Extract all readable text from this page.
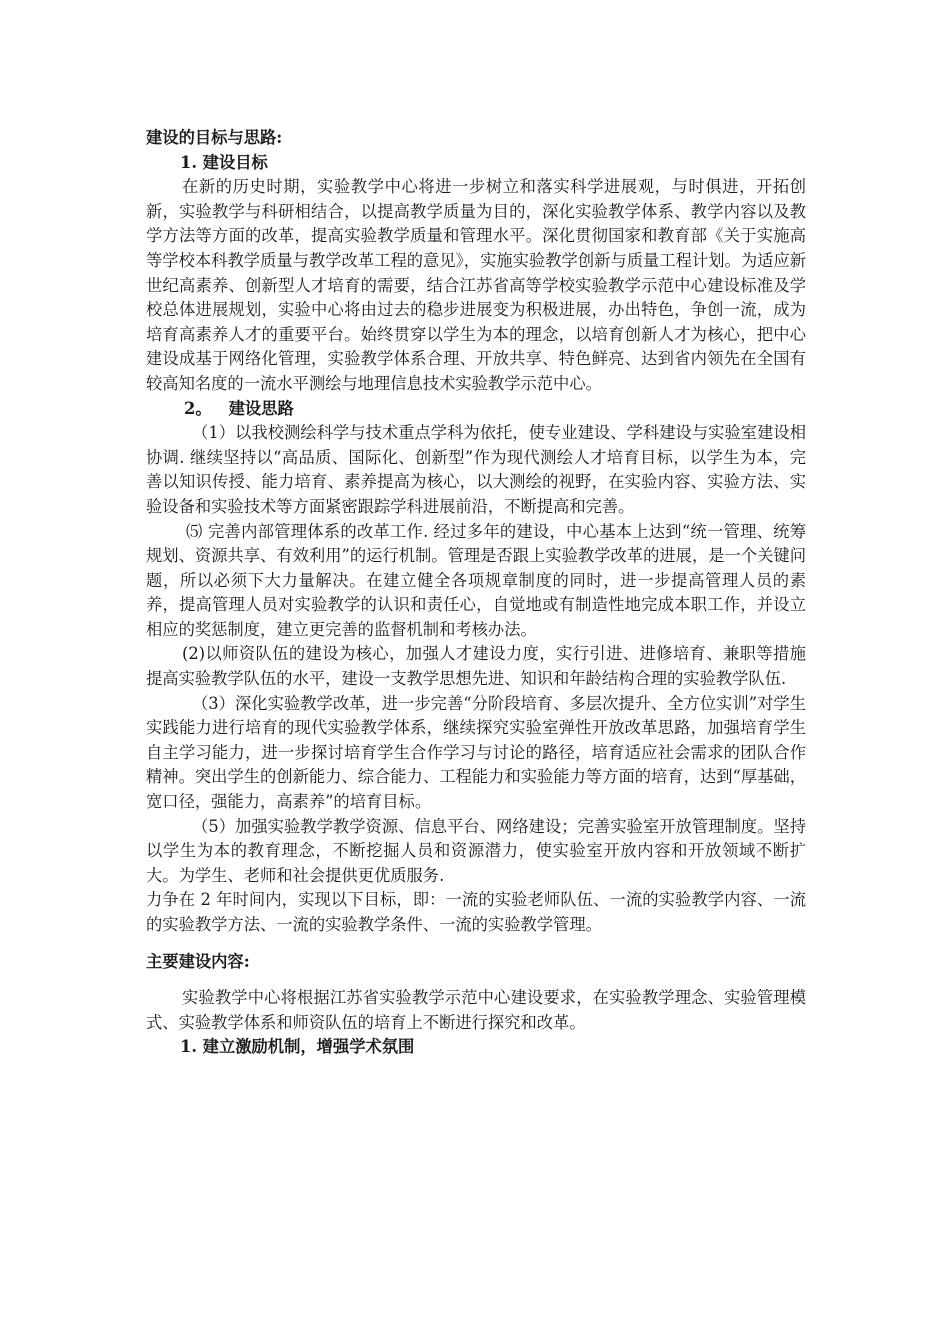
建设的目标与思路:

1. 建设目标

在新的历史时期，实验教学中心将进一步树立和落实科学进展观，与时俱进，开拓创新，实验教学与科研相结合，以提高教学质量为目的，深化实验教学体系、教学内容以及教学方法等方面的改革，提高实验教学质量和管理水平。深化贯彻国家和教育部《关于实施高等学校本科教学质量与教学改革工程的意见》，实施实验教学创新与质量工程计划。为适应新世纪高素养、创新型人才培育的需要，结合江苏省高等学校实验教学示范中心建设标准及学校总体进展规划，实验中心将由过去的稳步进展变为积极进展，办出特色，争创一流，成为培育高素养人才的重要平台。始终贯穿以学生为本的理念，以培育创新人才为核心，把中心建设成基于网络化管理，实验教学体系合理、开放共享、特色鲜亮、达到省内领先在全国有较高知名度的一流水平测绘与地理信息技术实验教学示范中心。

2。   建设思路

（1）以我校测绘科学与技术重点学科为依托，使专业建设、学科建设与实验室建设相协调. 继续坚持以“高品质、国际化、创新型”作为现代测绘人才培育目标，以学生为本，完善以知识传授、能力培育、素养提高为核心，以大测绘的视野，在实验内容、实验方法、实验设备和实验技术等方面紧密跟踪学科进展前沿，不断提高和完善。

⑸ 完善内部管理体系的改革工作. 经过多年的建设，中心基本上达到“统一管理、统筹规划、资源共享、有效利用”的运行机制。管理是否跟上实验教学改革的进展，是一个关键问题，所以必须下大力量解决。在建立健全各项规章制度的同时，进一步提高管理人员的素养，提高管理人员对实验教学的认识和责任心，自觉地或有制造性地完成本职工作，并设立相应的奖惩制度，建立更完善的监督机制和考核办法。

(2)以师资队伍的建设为核心，加强人才建设力度，实行引进、进修培育、兼职等措施提高实验教学队伍的水平，建设一支教学思想先进、知识和年龄结构合理的实验教学队伍.

（3）深化实验教学改革，进一步完善“分阶段培育、多层次提升、全方位实训”对学生实践能力进行培育的现代实验教学体系，继续探究实验室弹性开放改革思路，加强培育学生自主学习能力，进一步探讨培育学生合作学习与讨论的路径，培育适应社会需求的团队合作精神。突出学生的创新能力、综合能力、工程能力和实验能力等方面的培育，达到“厚基础，宽口径，强能力，高素养”的培育目标。

（5）加强实验教学教学资源、信息平台、网络建设；完善实验室开放管理制度。坚持以学生为本的教育理念，不断挖掘人员和资源潜力，使实验室开放内容和开放领域不断扩大。为学生、老师和社会提供更优质服务.

力争在 2 年时间内，实现以下目标，即：一流的实验老师队伍、一流的实验教学内容、一流的实验教学方法、一流的实验教学条件、一流的实验教学管理。

主要建设内容:

实验教学中心将根据江苏省实验教学示范中心建设要求，在实验教学理念、实验管理模式、实验教学体系和师资队伍的培育上不断进行探究和改革。

1. 建立激励机制，增强学术氛围
